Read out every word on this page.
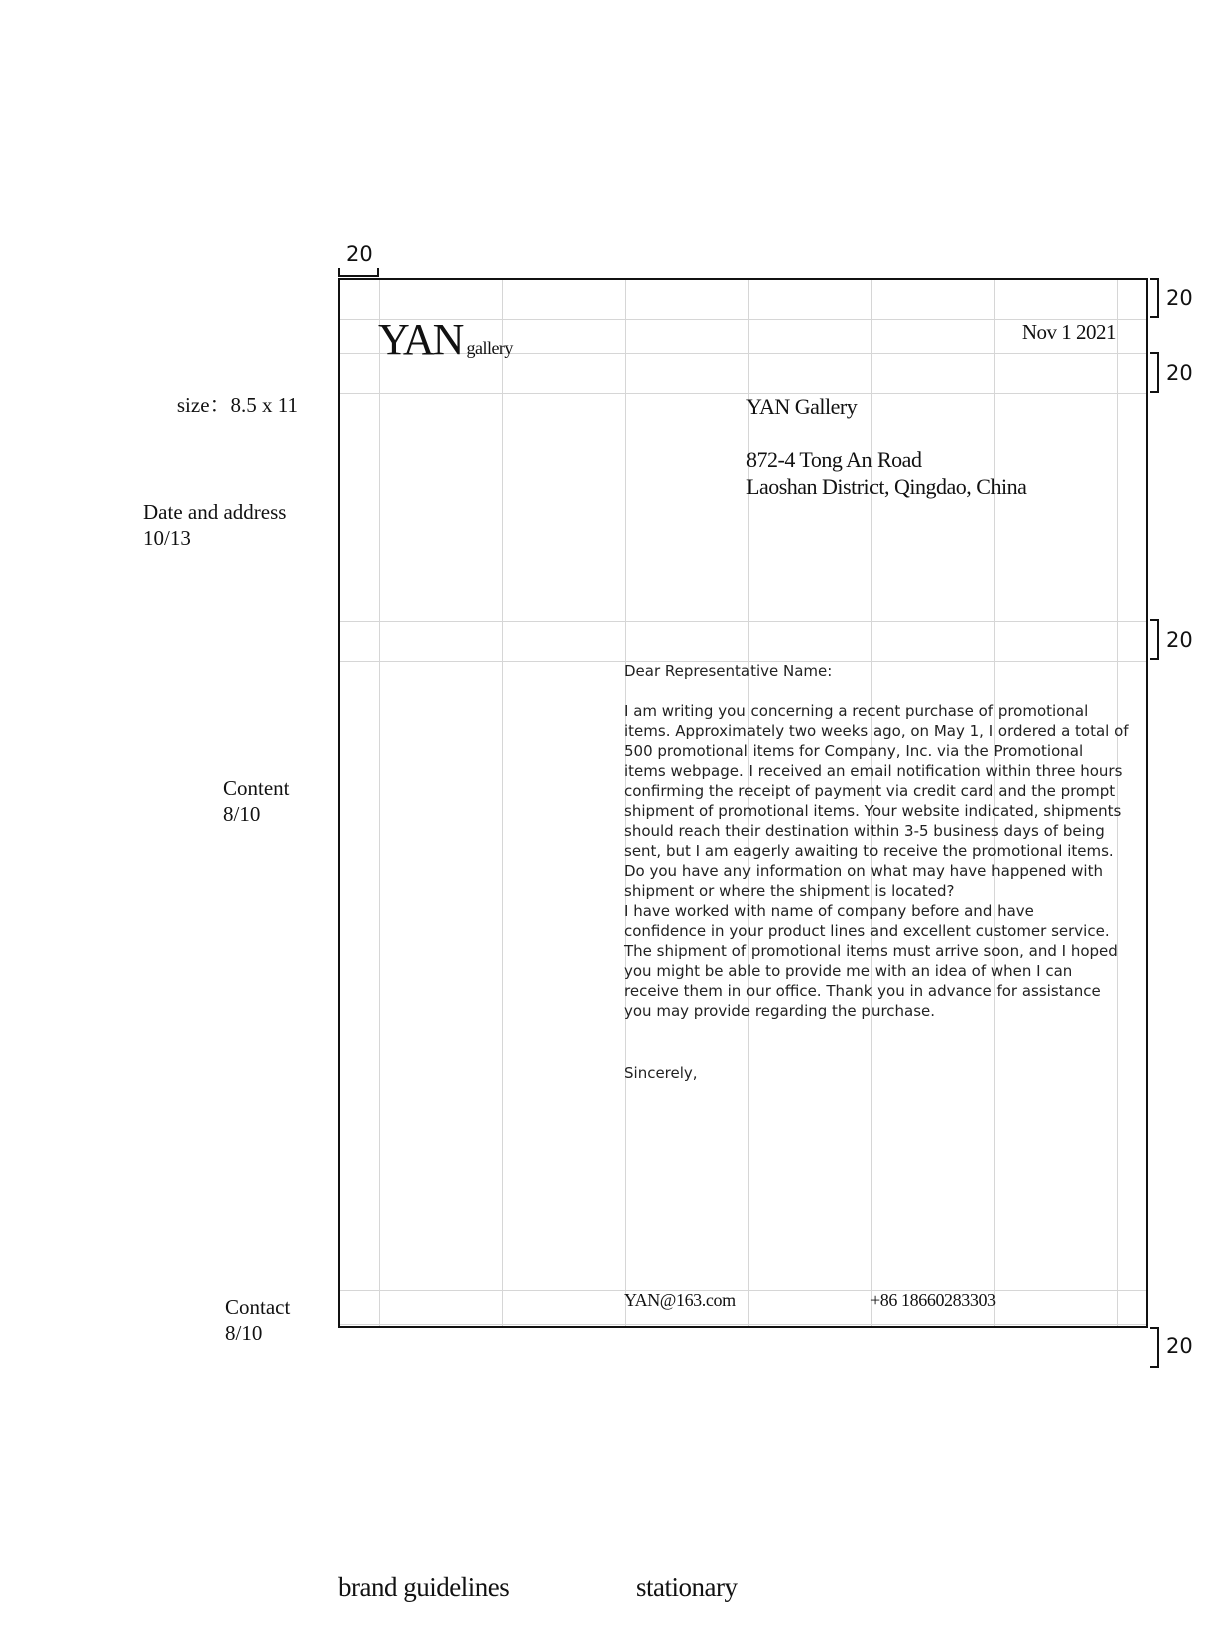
size：8.5 x 11
Date and address
10/13
Content
8/10
Contact
8/10
20
20
20
20
20
YAN gallery
Nov 1 2021
YAN Gallery
872-4 Tong An Road
Laoshan District, Qingdao, China
Dear Representative Name:
I am writing you concerning a recent purchase of promotional
items. Approximately two weeks ago, on May 1, I ordered a total of
500 promotional items for Company, Inc. via the Promotional
items webpage. I received an email notification within three hours
confirming the receipt of payment via credit card and the prompt
shipment of promotional items. Your website indicated, shipments
should reach their destination within 3-5 business days of being
sent, but I am eagerly awaiting to receive the promotional items.
Do you have any information on what may have happened with
shipment or where the shipment is located?
I have worked with name of company before and have
confidence in your product lines and excellent customer service.
The shipment of promotional items must arrive soon, and I hoped
you might be able to provide me with an idea of when I can
receive them in our office. Thank you in advance for assistance
you may provide regarding the purchase.
Sincerely,
YAN@163.com	+86 18660283303
brand guidelines	stationary
